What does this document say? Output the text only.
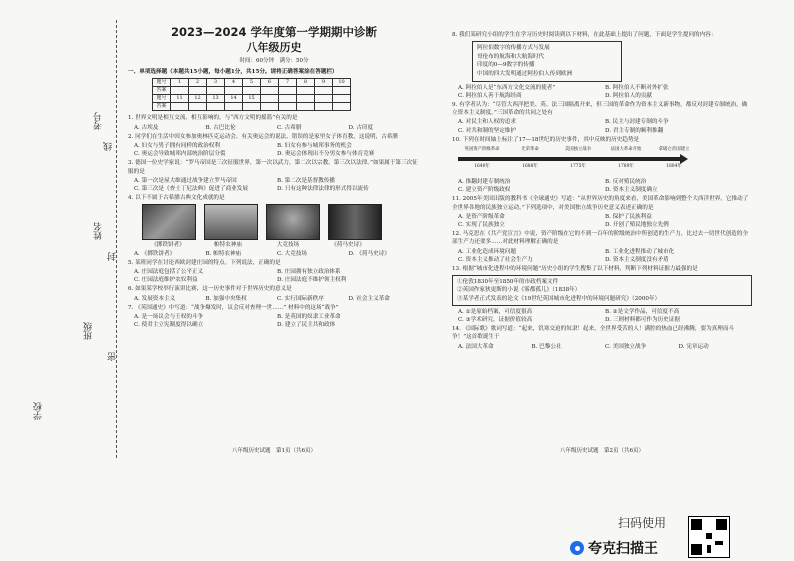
考号
线
姓名
封
班级
密
学校
2023—2024 学年度第一学期期中诊断
八年级历史
时间：60分钟　满分：50分
一、单项选择题（本题共15小题，每小题1分，共15分。请将正确答案涂在答题栏）
题号	1	2	3	4	5	6	7	8	9	10
答案										
题号	11	12	13	14	15					
答案										
1. 世界文明是相互交流、相互影响的。与“西方文明的摇篮”有关的是
A. 古埃及	B. 古巴比伦	C. 古希腊	D. 古印度
2. 同学们在生活中因女参加奥林匹克运动会。有关奥运会的说法，错误的是家里女子体育教，这说明，古希腊
A. 妇女与男子拥有同样的政治权利	B. 妇女有参与城邦事务的机会
C. 奥运会导致城邦内部统治阶层分裂	D. 奥运会体现出不分男女参与体育竞赛
3. 德国一位史学家说：“罗马帝国是三次征服世界，第一次以武力，第二次以宗教，第三次以法律。”如果属于第三次征服的是
A. 第一次是屋大维通过战争建立罗马帝国	B. 第二次是基督教传播
C. 第三次是《查士丁尼法典》促进了商业发展	D. 只有这种法律法律的形式得以流传
4. 以下不属于古希腊古典文化成就的是
《掷铁饼者》	帕特农神庙	大竞技场	《荷马史诗》
A. 《掷铁饼者》	B. 帕特农神庙	C. 大竞技场	D. 《荷马史诗》
5. 某班同学在讨论西欧封建庄园的特点。下列说法，正确的是
A. 庄园法庭包括了公平正义	B. 庄园拥有独立政治体系
C. 庄园法庭维护农奴利益	D. 庄园法庭不维护领主权利
6. 如果某学校举行演讲比赛，这一历史事件对于世界历史的意义是
A. 发展资本主义	B. 加强中央集权	C. 实行国际新秩序	D. 社会主义革命
7. 《英国通史》中写道：“战争爆发时，议会反对查理一世……” 材料中的这场“战争”
A. 是一场议会与王权的斗争	B. 是英国的奴隶工业革命
C. 使君主立宪制度得以确立	D. 建立了民主共和政体
八年级历史试题　第1页（共6页）
8. 我们某研究小组的学生在学习历史时阅读到以下材料，在此基础上提出了问题，下面是学生提问的内容：
阿拉伯数字的传播方式与发展
哥伦布的航海和大航海时代
印度的0—9数字的传播
中国的四大发明通过阿拉伯人传到欧洲
A. 阿拉伯人是“东西方文化交流的使者”	B. 阿拉伯人不断对外扩张
C. 阿拉伯人善于航海经商	D. 阿拉伯人的贡献
9. 有学者认为：“尽管大西洋把美、英、法三国隔离开来，但三国的革命作为资本主义新事物，都反对封建专制统治，确立资本主义制度。”三国革命的共同之处有
A. 对民主和人权的追求	B. 民主与封建专制的斗争
C. 对共和制的坚定维护	D. 君主专制的顺利推翻
10. 下列在时间轴上标注了17—18世纪的历史事件，其中反映的历史趋势是
英国资产阶级革命
1640年
光荣革命
1688年
美国独立战争
1775年
法国大革命开始
1789年
拿破仑帝国建立
1804年
A. 推翻封建专制统治	B. 反对殖民统治
C. 建立资产阶级政权	D. 资本主义制度确立
11. 2005年美国出版的教科书《全球通史》写道：“从世界历史的角度来看，美国革命影响到整个大西洋世界，它推动了全世界各地的民族独立运动，”下列选项中，对美国独立战争历史意义表述正确的是
A. 是资产阶级革命	B. 保护了民族利益
C. 实现了民族独立	D. 开创了殖民地独立先例
12. 马克思在《共产党宣言》中说，资产阶级在它的不到一百年的阶级统治中所创造的生产力，比过去一切世代创造的全部生产力还要多……对此材料理解正确的是
A. 工业化造成环境问题	B. 工业化进程推动了城市化
C. 资本主义推动了社会生产力	D. 资本主义制度没有矛盾
13. 根据“城市化进程中的环境问题”历史小组的学生搜集了以下材料，判断下列材料证据力最强的是
①伦敦1830年至1850年的市政档案文件
②英国作家狄更斯的小说《雾都孤儿》（1838年）
③某学者正式发表的论文《19世纪英国城市化进程中的环境问题研究》（2000年）
A. ①是原始档案，可信度很高	B. ②是文学作品，可信度不高
C. ③学术研究，证据价值较高	D. 三则材料都可作为历史证据
14. 《国际歌》歌词写道：“起来，饥寒交迫的奴隶！起来，全世界受苦的人！满腔的热血已经沸腾，要为真理而斗争！”这首歌诞生于
A. 法国大革命	B. 巴黎公社	C. 美国独立战争	D. 宪章运动
八年级历史试题　第2页（共6页）
扫码使用
夸克扫描王
